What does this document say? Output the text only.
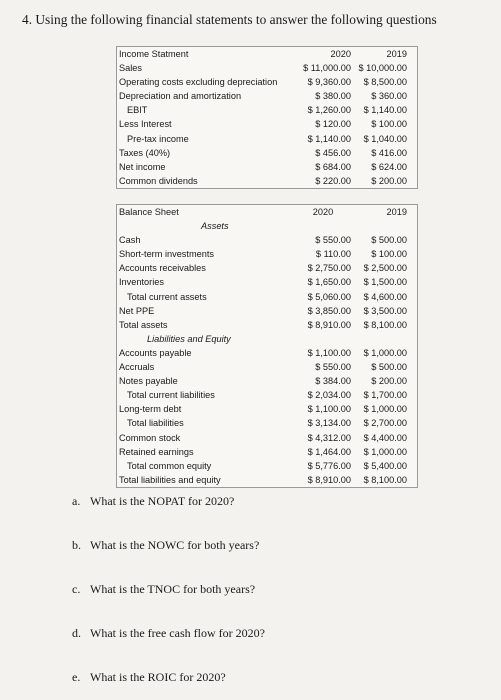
4. Using the following financial statements to answer the following questions
Income Statment	2020	2019
Sales	$ 11,000.00 $ 10,000.00
Operating costs excluding depreciation	$ 9,360.00	$ 8,500.00
Depreciation and amortization	$ 380.00	$ 360.00
EBIT	$ 1,260.00	$ 1,140.00
Less Interest	$ 120.00	$ 100.00
Pre-tax income	$ 1,140.00	$ 1,040.00
Taxes (40%)	$ 456.00	$ 416.00
Net income	$ 684.00	$ 624.00
Common dividends	$ 220.00	$ 200.00
Balance Sheet	2020	2019
Assets
Cash	$ 550.00	$ 500.00
Short-term investments	$ 110.00	$ 100.00
Accounts receivables	$ 2,750.00	$ 2,500.00
Inventories	$ 1,650.00	$ 1,500.00
Total current assets	$ 5,060.00	$ 4,600.00
Net PPE	$ 3,850.00	$ 3,500.00
Total assets	$ 8,910.00	$ 8,100.00
Liabilities and Equity
Accounts payable	$ 1,100.00	$ 1,000.00
Accruals	$ 550.00	$ 500.00
Notes payable	$ 384.00	$ 200.00
Total current liabilities	$ 2,034.00	$ 1,700.00
Long-term debt	$ 1,100.00	$ 1,000.00
Total liabilities	$ 3,134.00	$ 2,700.00
Common stock	$ 4,312.00	$ 4,400.00
Retained earnings	$ 1,464.00	$ 1,000.00
Total common equity	$ 5,776.00	$ 5,400.00
Total liabilities and equity	$ 8,910.00	$ 8,100.00
a. What is the NOPAT for 2020?
b. What is the NOWC for both years?
c. What is the TNOC for both years?
d. What is the free cash flow for 2020?
e. What is the ROIC for 2020?
